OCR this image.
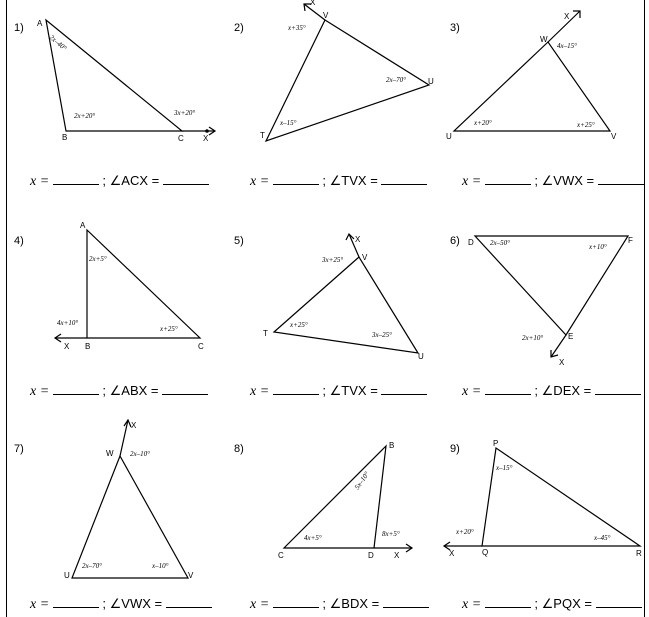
1) A
B	C X
2x–40°
2x+20°	3x+20°
x =	; ∠ACX =
2)
X
V
U
T
x+35°
2x–70°
x–15°
x =	; ∠TVX =
3)
X
W
U	V
4x–15°
x+20°	x+25°
x =	; ∠VWX =
4)
A
B	C
X
2x+5°
4x+10°
x+25°
x =	; ∠ABX =
5)	X
V
T
U
3x+25°
x+25°
3x–25°
x =	; ∠TVX =
6) D	F
E
X
2x–50°	x+10°
2x+10°
x =	; ∠DEX =
7)
X
W
U	V
2x–10°
2x–70°	x–10°
x =	; ∠VWX =
8)	B
C	D	X
5x–10°
4x+5°	8x+5°
x =	; ∠BDX =
9)	P
Q	R
X
x–15°
x+20°
x–45°
x =	; ∠PQX =
